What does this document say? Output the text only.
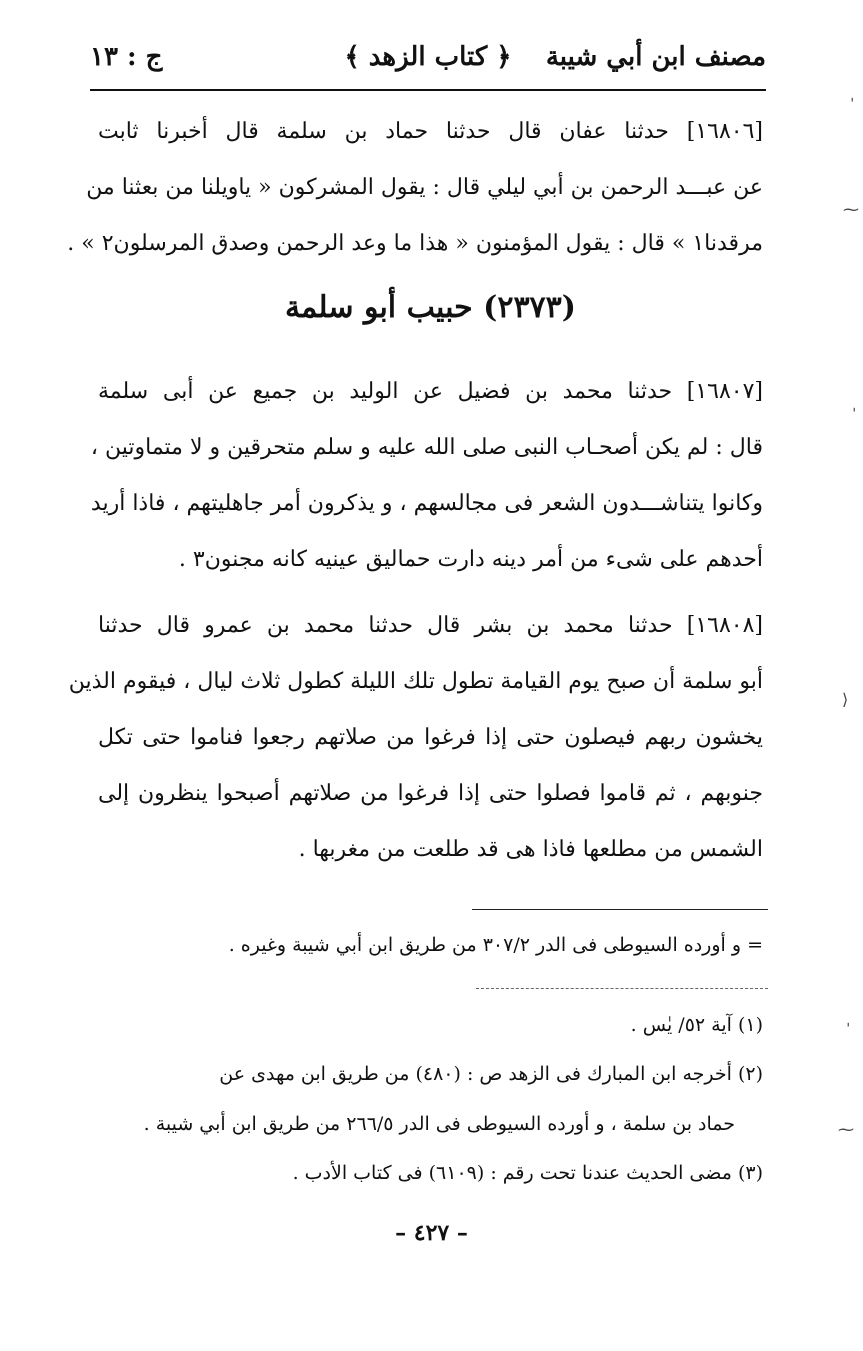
مصنف ابن أبي شيبة
﴿ كتاب الزهد ﴾
ج : ١٣
[١٦٨٠٦] حدثنا عفان قال حدثنا حماد بن سلمة قال أخبرنا ثابت
عن عبـــد الرحمن بن أبي ليلي قال : يقول المشركون « ياويلنا من بعثنا من
مرقدنا١ » قال : يقول المؤمنون « هذا ما وعد الرحمن وصدق المرسلون٢ » .
(٢٣٧٣) حبيب أبو سلمة
[١٦٨٠٧] حدثنا محمد بن فضيل عن الوليد بن جميع عن أبى سلمة
قال : لم يكن أصحـاب النبى صلى الله عليه و سلم متحرقين و لا متماوتين ،
وكانوا يتناشـــدون الشعر فى مجالسهم ، و يذكرون أمر جاهليتهم ، فاذا أريد
أحدهم على شىء من أمر دينه دارت حماليق عينيه كانه مجنون٣ .
[١٦٨٠٨] حدثنا محمد بن بشر قال حدثنا محمد بن عمرو قال حدثنا
أبو سلمة أن صبح يوم القيامة تطول تلك الليلة كطول ثلاث ليال ، فيقوم الذين
يخشون ربهم فيصلون حتى إذا فرغوا من صلاتهم رجعوا فناموا حتى تكل
جنوبهم ، ثم قاموا فصلوا حتى إذا فرغوا من صلاتهم أصبحوا ينظرون إلى
الشمس من مطلعها فاذا هى قد طلعت من مغربها .
= و أورده السيوطى فى الدر ٣٠٧/٢ من طريق ابن أبي شيبة وغيره .
(١) آية ٥٢/ يٰس .
(٢) أخرجه ابن المبارك فى الزهد ص : (٤٨٠) من طريق ابن مهدى عن
حماد بن سلمة ، و أورده السيوطى فى الدر ٢٦٦/٥ من طريق ابن أبي شيبة .
(٣) مضى الحديث عندنا تحت رقم : (٦١٠٩) فى كتاب الأدب .
– ٤٢٧ –
ˈ
⁓
ˈ
⟩
ˈ
⁓
